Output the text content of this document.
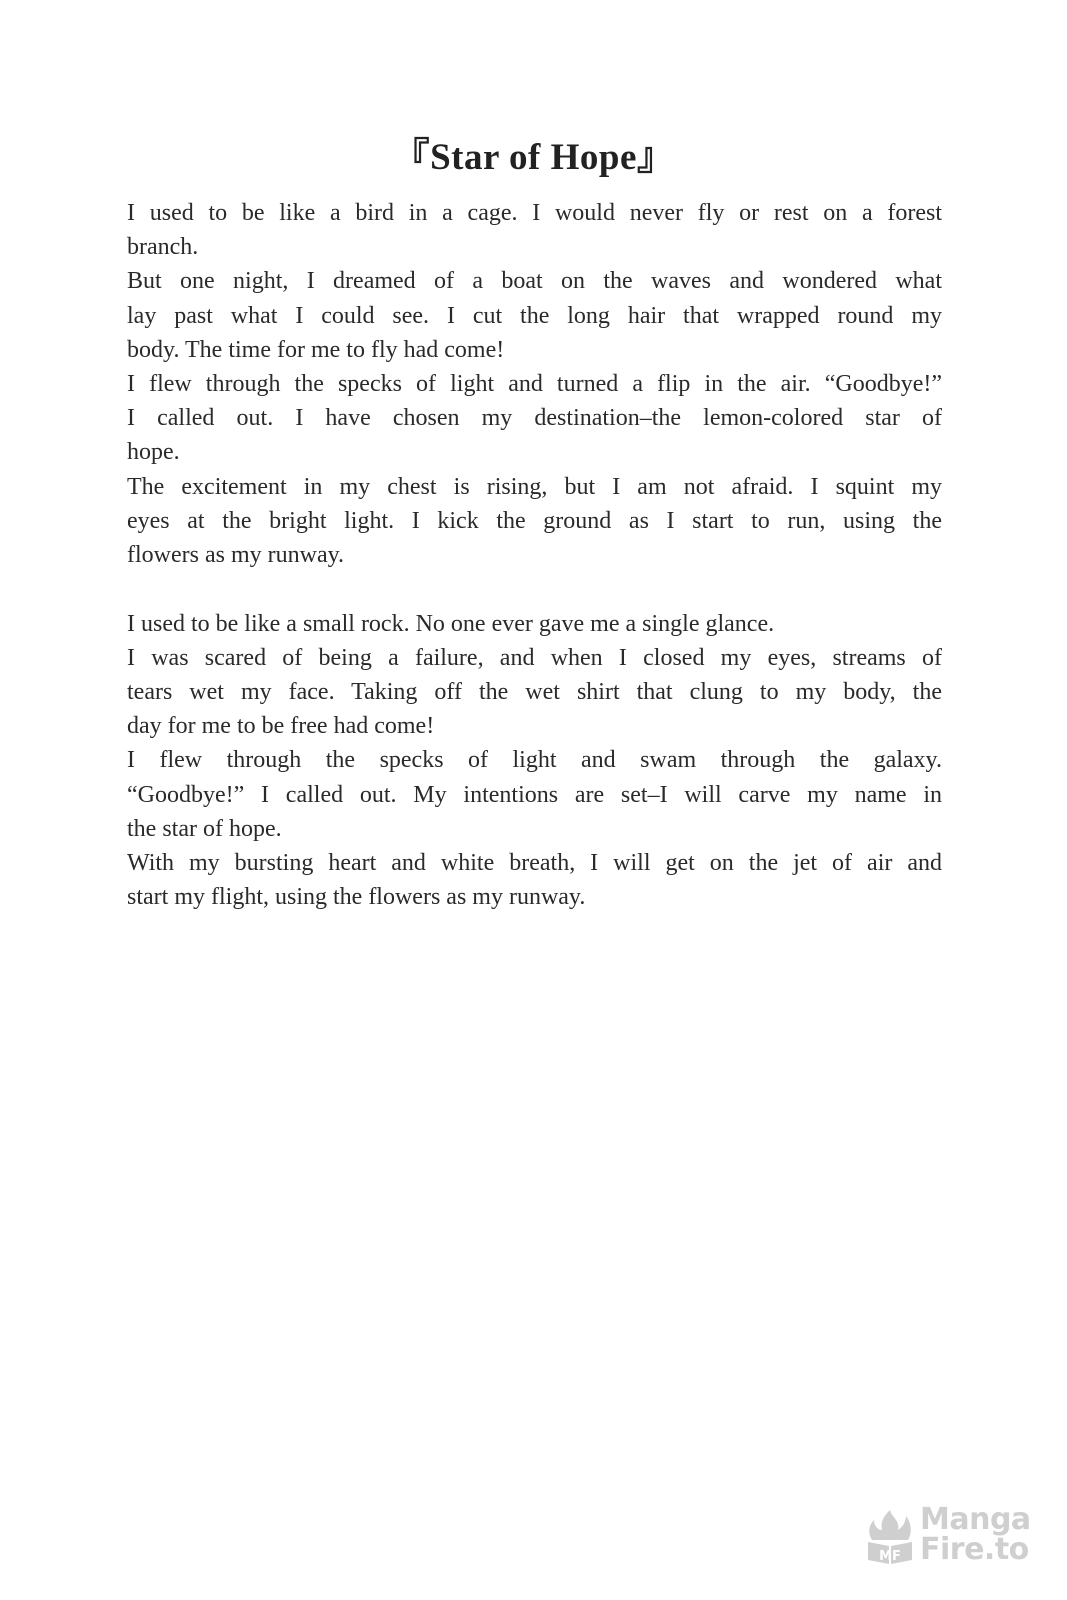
『Star of Hope』
I used to be like a bird in a cage. I would never fly or rest on a forest
branch.
But one night, I dreamed of a boat on the waves and wondered what
lay past what I could see. I cut the long hair that wrapped round my
body. The time for me to fly had come!
I flew through the specks of light and turned a flip in the air. “Goodbye!”
I called out. I have chosen my destination–the lemon-colored star of
hope.
The excitement in my chest is rising, but I am not afraid. I squint my
eyes at the bright light. I kick the ground as I start to run, using the
flowers as my runway.
I used to be like a small rock. No one ever gave me a single glance.
I was scared of being a failure, and when I closed my eyes, streams of
tears wet my face. Taking off the wet shirt that clung to my body, the
day for me to be free had come!
I flew through the specks of light and swam through the galaxy.
“Goodbye!” I called out. My intentions are set–I will carve my name in
the star of hope.
With my bursting heart and white breath, I will get on the jet of air and
start my flight, using the flowers as my runway.
MF
Manga
Fire.to
